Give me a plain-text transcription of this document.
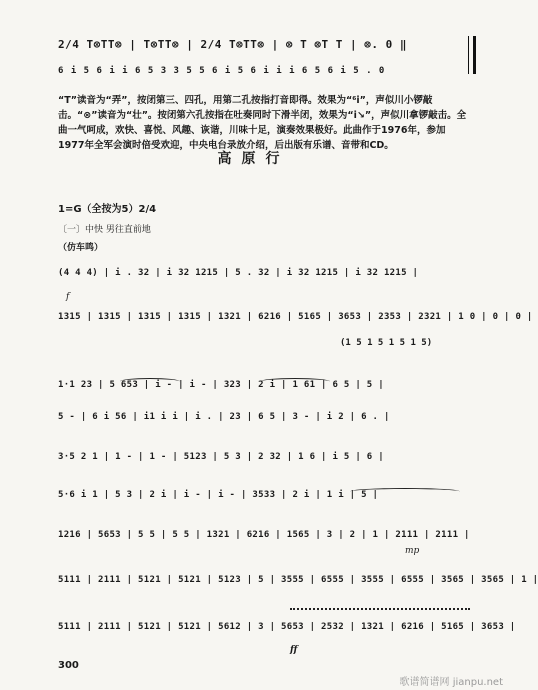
2/4 T⊗TT⊗ | T⊗TT⊗ | 2/4 T⊗TT⊗ | ⊗ T ⊗T T | ⊗. 0 ‖
6 i 5 6 i i 6 5 3 3 5 5 6 i 5 6 i i i 6 5 6 i 5 . 0
“T”读音为“弄”，按闭第三、四孔，用第二孔按指打音即得。效果为“⁶i”，声似川小锣敲击。“⊗”读音为“壮”。按闭第六孔按指在吐奏同时下滑半闭，效果为“i↘”，声似川拿锣敲击。全曲一气呵成，欢快、喜悦、风趣、诙谐，川味十足，演奏效果极好。此曲作于1976年，参加1977年全军会演时倍受欢迎，中央电台录放介绍，后出版有乐谱、音带和CD。
高原行
1=G（全按为5）2/4
〔一〕中快 男往直前地
（仿车鸣）
(4 4 4) | i . 32 | i 32 1215 | 5 . 32 | i 32 1215 | i 32 1215 |
f
1315 | 1315 | 1315 | 1315 | 1321 | 6216 | 5165 | 3653 | 2353 | 2321 | 1 0 | 0 | 0 |
(1 5 1 5 1 5 1 5)
1·1 23 | 5 653 | i - | i - | 323 | 2 i | 1 61 | 6 5 | 5 |
5 - | 6 i 56 | i1 i i | i . | 23 | 6 5 | 3 - | i 2 | 6 . |
3·5 2 1 | 1 - | 1 - | 5123 | 5 3 | 2 32 | 1 6 | i 5 | 6 |
5·6 i 1 | 5 3 | 2 i | i - | i - | 3533 | 2 i | 1 i | 5 |
1216 | 5653 | 5 5 | 5 5 | 1321 | 6216 | 1565 | 3 | 2 | 1 | 2111 | 2111 |
mp
5111 | 2111 | 5121 | 5121 | 5123 | 5 | 3555 | 6555 | 3555 | 6555 | 3565 | 3565 | 1 |
5111 | 2111 | 5121 | 5121 | 5612 | 3 | 5653 | 2532 | 1321 | 6216 | 5165 | 3653 |
ff
300
歌谱简谱网 jianpu.net
